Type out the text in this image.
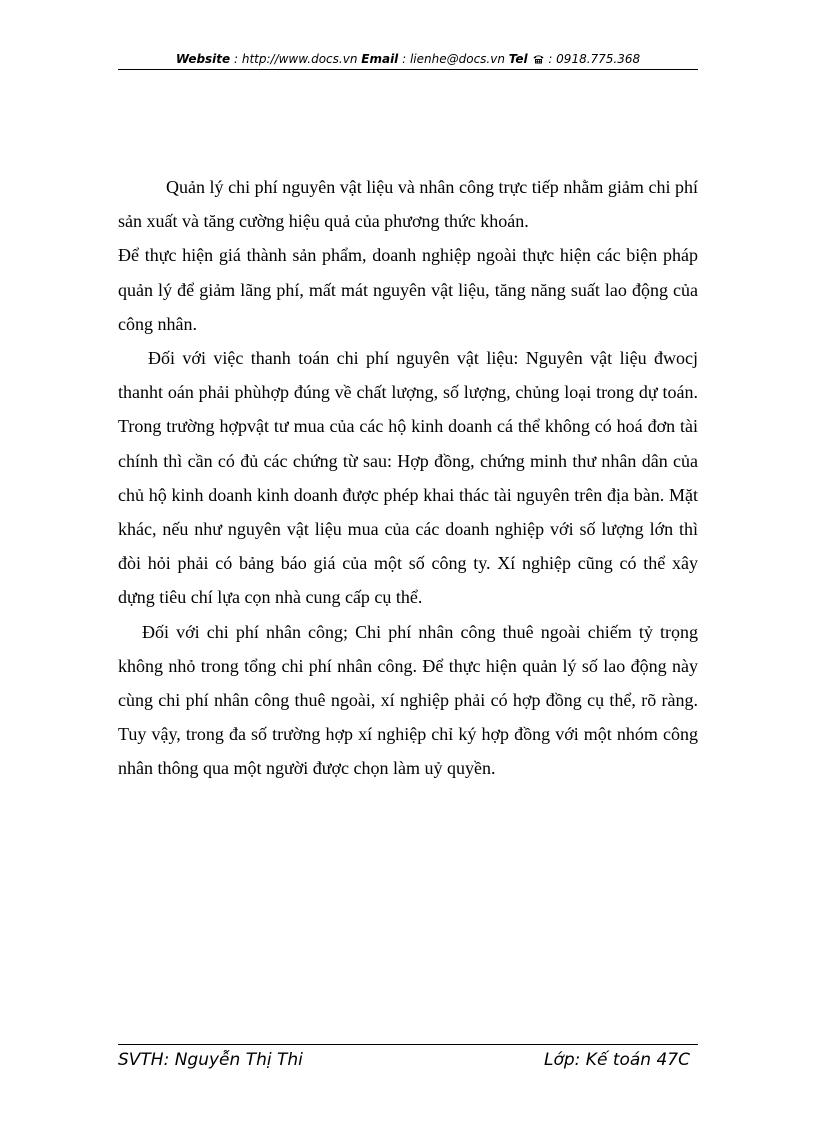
Website : http://www.docs.vn Email : lienhe@docs.vn Tel  : 0918.775.368

Quản lý chi phí nguyên vật liệu và nhân công trực tiếp nhằm giảm chi phí sản xuất và tăng cường hiệu quả của phương thức khoán.

Để thực hiện giá thành sản phẩm, doanh nghiệp ngoài thực hiện các biện pháp quản lý để giảm lãng phí, mất mát nguyên vật liệu, tăng năng suất lao động của công nhân.

Đối với việc thanh toán chi phí nguyên vật liệu: Nguyên vật liệu đwocj thanht oán phải phùhợp đúng về chất lượng, số lượng, chủng loại trong dự toán. Trong trường hợpvật tư mua của các hộ kinh doanh cá thể không có hoá đơn tài chính thì cần có đủ các chứng từ sau: Hợp đồng, chứng minh thư nhân dân của chủ hộ kinh doanh kinh doanh được phép khai thác tài nguyên trên địa bàn. Mặt khác, nếu như nguyên vật liệu mua của các doanh nghiệp với số lượng lớn thì đòi hỏi phải có bảng báo giá của một số công ty. Xí nghiệp cũng có thể xây dựng tiêu chí lựa cọn nhà cung cấp cụ thể.

Đối với chi phí nhân công; Chi phí nhân công thuê ngoài chiếm tỷ trọng không nhỏ trong tổng chi phí nhân công. Để thực hiện quản lý số lao động này cùng chi phí nhân công thuê ngoài, xí nghiệp phải có hợp đồng cụ thể, rõ ràng. Tuy vậy, trong đa số trường hợp xí nghiệp chỉ ký hợp đồng với một nhóm công nhân thông qua một người được chọn làm uỷ quyền.

SVTH: Nguyễn Thị Thi	Lớp: Kế toán 47C
